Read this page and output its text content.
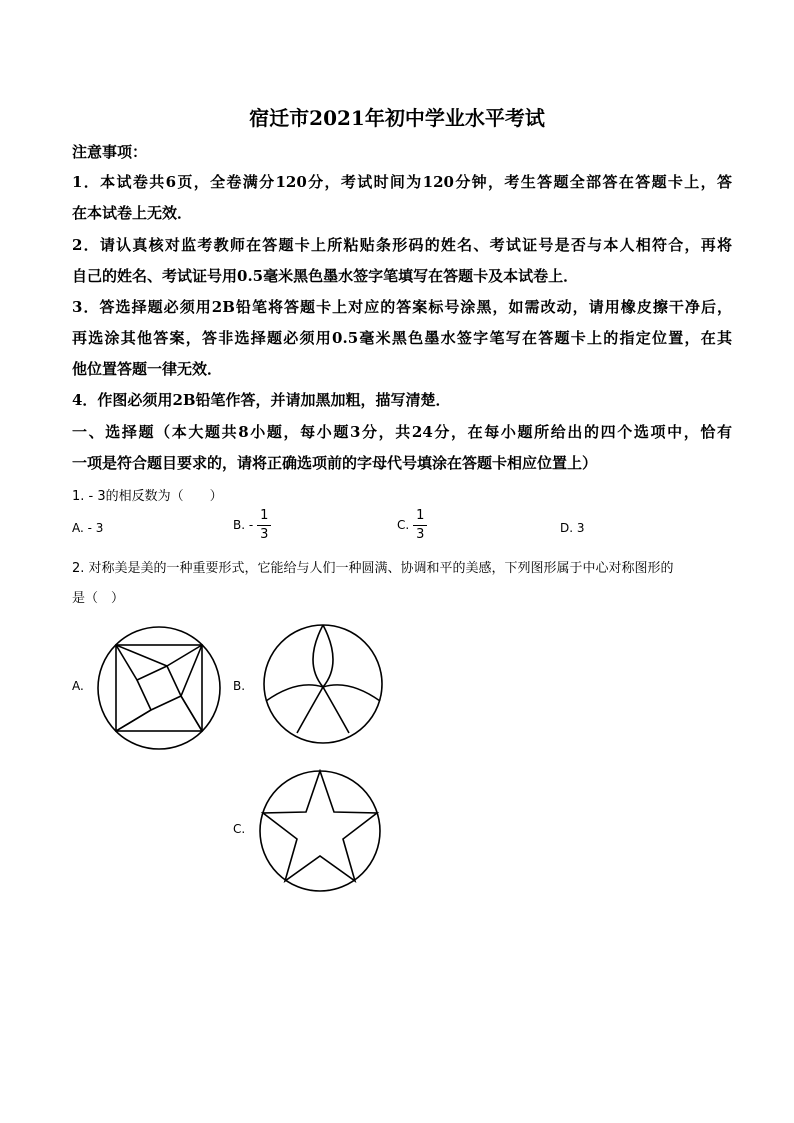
宿迁市2021年初中学业水平考试
注意事项：
1．本试卷共6页，全卷满分120分，考试时间为120分钟，考生答题全部答在答题卡上，答
在本试卷上无效．
2．请认真核对监考教师在答题卡上所粘贴条形码的姓名、考试证号是否与本人相符合，再将
自己的姓名、考试证号用0.5毫米黑色墨水签字笔填写在答题卡及本试卷上．
3．答选择题必须用2B铅笔将答题卡上对应的答案标号涂黑，如需改动，请用橡皮擦干净后，
再选涂其他答案，答非选择题必须用0.5毫米黑色墨水签字笔写在答题卡上的指定位置，在其
他位置答题一律无效．
4．作图必须用2B铅笔作答，并请加黑加粗，描写清楚．
一、选择题（本大题共8小题，每小题3分，共24分，在每小题所给出的四个选项中，恰有
一项是符合题目要求的，请将正确选项前的字母代号填涂在答题卡相应位置上）
1. - 3的相反数为（　　）
A. - 3	B. - $\frac{1}{3}$	C. $\frac{1}{3}$	D. 3
2. 对称美是美的一种重要形式，它能给与人们一种圆满、协调和平的美感，下列图形属于中心对称图形的
是（　）
A.	B.
C.
